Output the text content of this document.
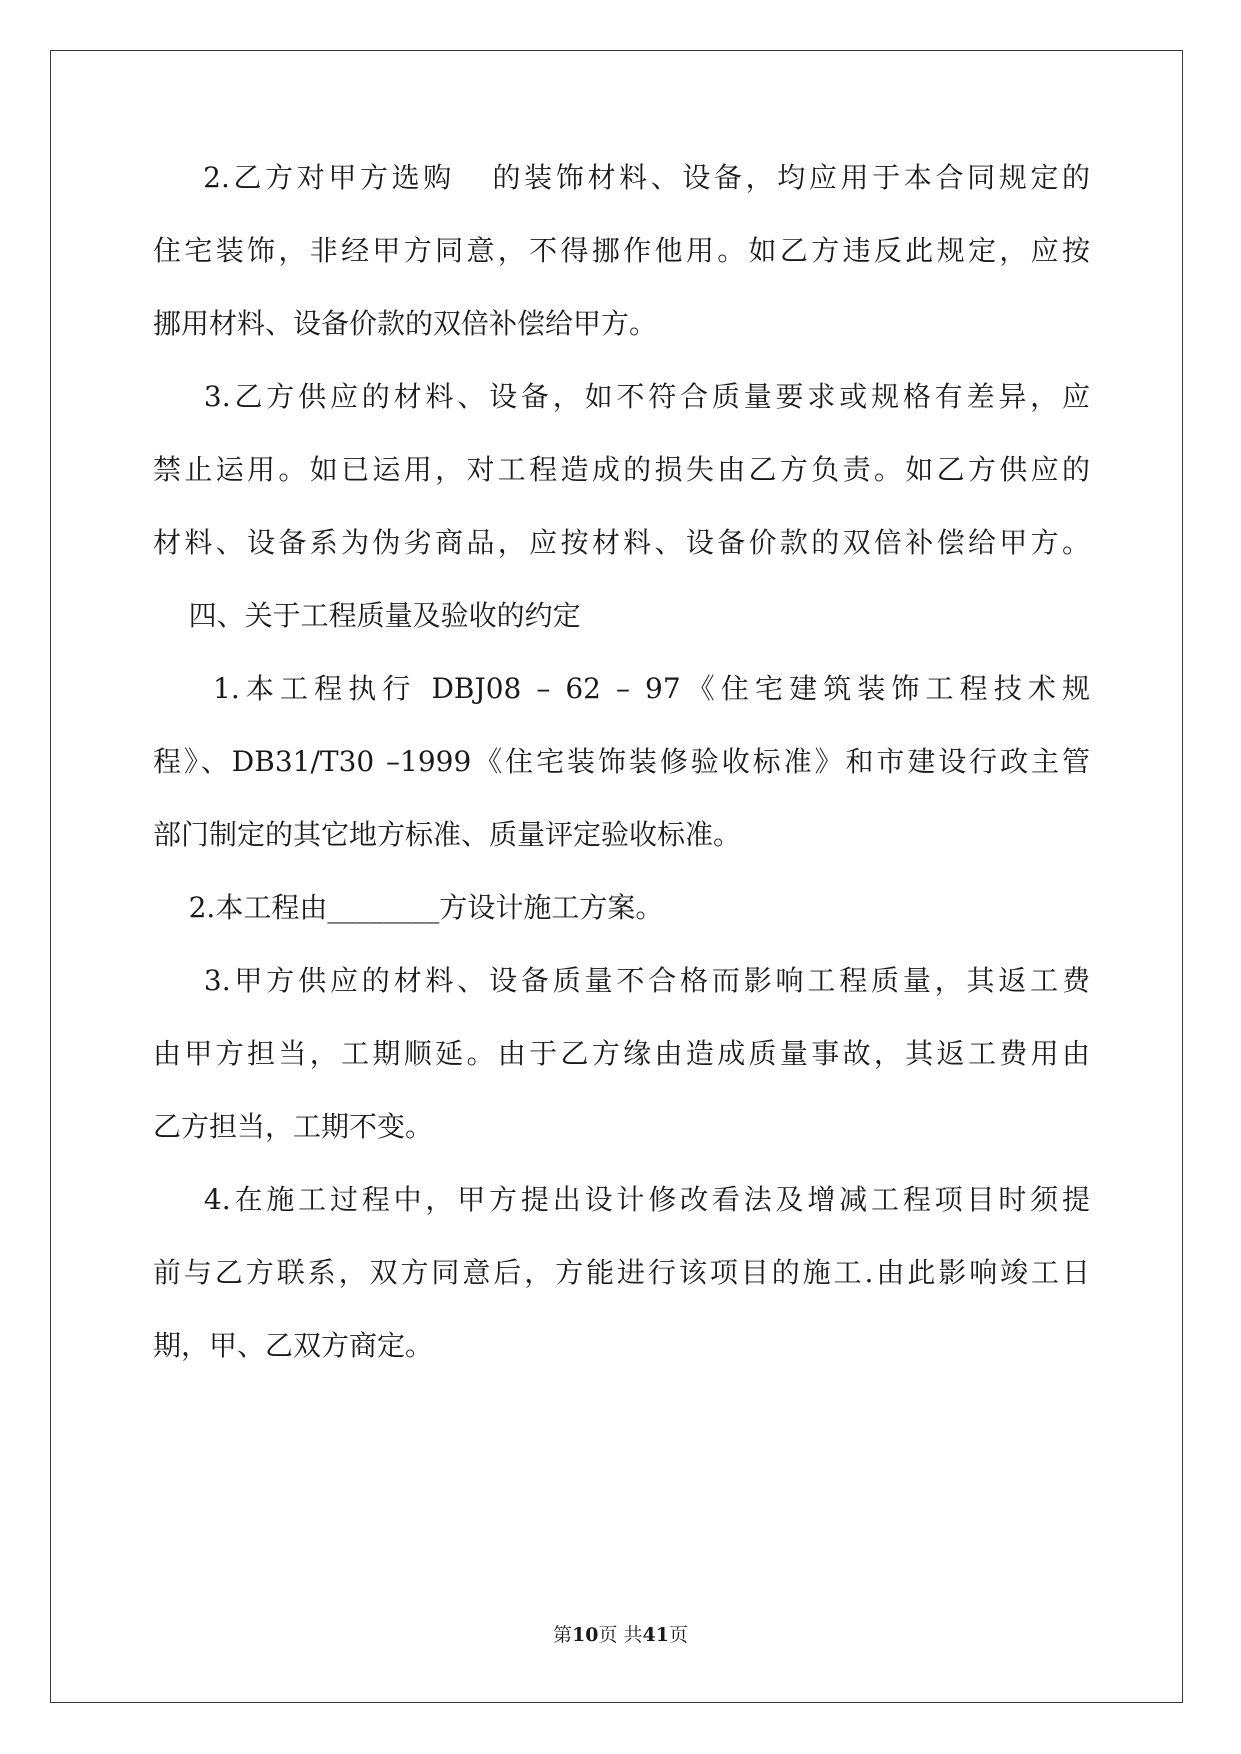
2.乙方对甲方选购   的装饰材料、设备，均应用于本合同规定的
住宅装饰，非经甲方同意，不得挪作他用。如乙方违反此规定，应按
挪用材料、设备价款的双倍补偿给甲方。
3.乙方供应的材料、设备，如不符合质量要求或规格有差异，应
禁止运用。如已运用，对工程造成的损失由乙方负责。如乙方供应的
材料、设备系为伪劣商品，应按材料、设备价款的双倍补偿给甲方。
四、关于工程质量及验收的约定
1.本工程执行 DBJ08 – 62 – 97《住宅建筑装饰工程技术规
程》、DB31/T30 –1999《住宅装饰装修验收标准》和市建设行政主管
部门制定的其它地方标准、质量评定验收标准。
2.本工程由________方设计施工方案。
3.甲方供应的材料、设备质量不合格而影响工程质量，其返工费
由甲方担当，工期顺延。由于乙方缘由造成质量事故，其返工费用由
乙方担当，工期不变。
4.在施工过程中，甲方提出设计修改看法及增减工程项目时须提
前与乙方联系，双方同意后，方能进行该项目的施工.由此影响竣工日
期，甲、乙双方商定。
第10页 共41页
